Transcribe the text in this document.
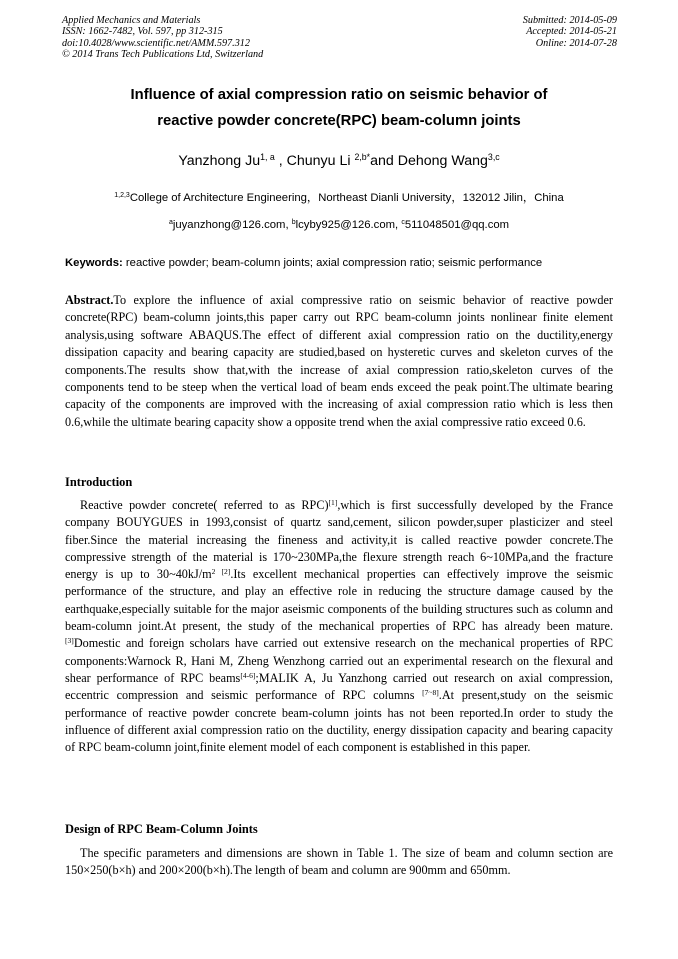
Applied Mechanics and Materials
ISSN: 1662-7482, Vol. 597, pp 312-315
doi:10.4028/www.scientific.net/AMM.597.312
© 2014 Trans Tech Publications Ltd, Switzerland
Submitted: 2014-05-09
Accepted: 2014-05-21
Online: 2014-07-28
Influence of axial compression ratio on seismic behavior of
reactive powder concrete(RPC) beam-column joints
Yanzhong Ju$^{1, a}$ , Chunyu Li $^{2,b*}$and Dehong Wang$^{3,c}$
$^{1,2,3}$College of Architecture Engineering，Northeast Dianli University，132012 Jilin，China
$^a$juyanzhong@126.com, $^b$lcyby925@126.com, $^c$511048501@qq.com
Keywords: reactive powder; beam-column joints; axial compression ratio; seismic performance
Abstract.To explore the influence of axial compressive ratio on seismic behavior of reactive powder concrete(RPC) beam-column joints,this paper carry out RPC beam-column joints nonlinear finite element analysis,using software ABAQUS.The effect of different axial compression ratio on the ductility,energy dissipation capacity and bearing capacity are studied,based on hysteretic curves and skeleton curves of the components.The results show that,with the increase of axial compression ratio,skeleton curves of the components tend to be steep when the vertical load of beam ends exceed the peak point.The ultimate bearing capacity of the components are improved with the increasing of axial compression ratio which is less then 0.6,while the ultimate bearing capacity show a opposite trend when the axial compressive ratio exceed 0.6.
Introduction
Reactive powder concrete( referred to as RPC)[1],which is first successfully developed by the France company BOUYGUES in 1993,consist of quartz sand,cement, silicon powder,super plasticizer and steel fiber.Since the material increasing the fineness and activity,it is called reactive powder concrete.The compressive strength of the material is 170~230MPa,the flexure strength reach 6~10MPa,and the fracture energy is up to $30\sim 40kJ/m^{2 [2]}.Its$ excellent mechanical properties can effectively improve the seismic performance of the structure, and play an effective role in reducing the structure damage caused by the earthquake,especially suitable for the major aseismic components of the building structures such as column and beam-column joint.At present, the study of the mechanical properties of RPC has already been mature.[3]Domestic and foreign scholars have carried out extensive research on the mechanical properties of RPC components:Warnock R, Hani M, Zheng Wenzhong carried out an experimental research on the flexural and shear performance of RPC beams[4-6];MALIK A, Ju Yanzhong carried out research on axial compression, eccentric compression and seismic performance of RPC columns [7~8].At present,study on the seismic performance of reactive powder concrete beam-column joints has not been reported.In order to study the influence of different axial compression ratio on the ductility, energy dissipation capacity and bearing capacity of RPC beam-column joint,finite element model of each component is established in this paper.
Design of RPC Beam-Column Joints
The specific parameters and dimensions are shown in Table 1. The size of beam and column section are 150×250(b×h) and 200×200(b×h).The length of beam and column are 900mm and 650mm.
